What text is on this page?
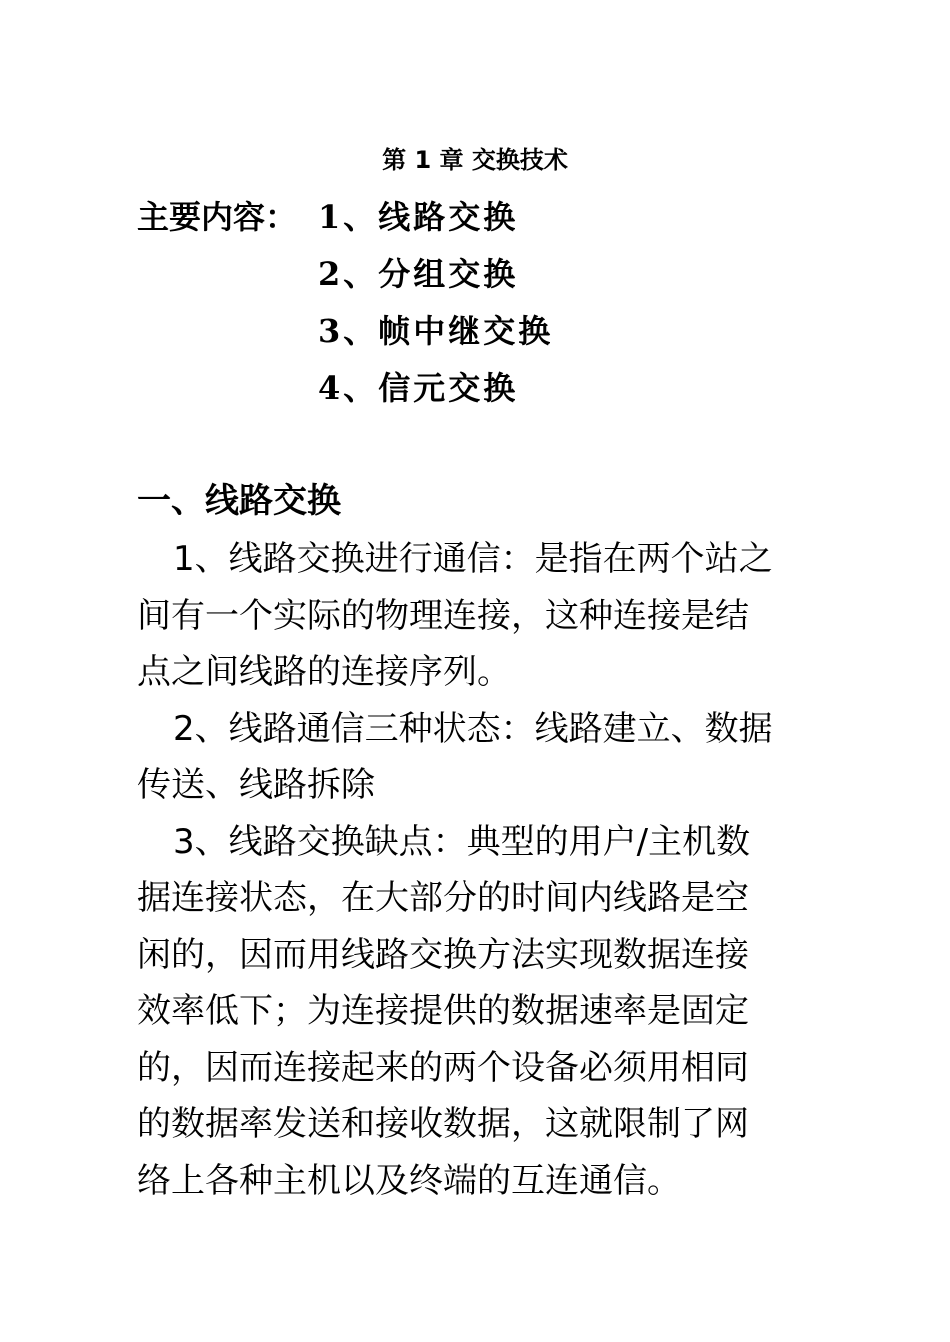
第 1 章 交换技术
主要内容： 1、线路交换
2、分组交换
3、帧中继交换
4、信元交换
一、线路交换
1、线路交换进行通信：是指在两个站之
间有一个实际的物理连接，这种连接是结
点之间线路的连接序列。
2、线路通信三种状态：线路建立、数据
传送、线路拆除
3、线路交换缺点：典型的用户/主机数
据连接状态，在大部分的时间内线路是空
闲的，因而用线路交换方法实现数据连接
效率低下；为连接提供的数据速率是固定
的，因而连接起来的两个设备必须用相同
的数据率发送和接收数据，这就限制了网
络上各种主机以及终端的互连通信。
